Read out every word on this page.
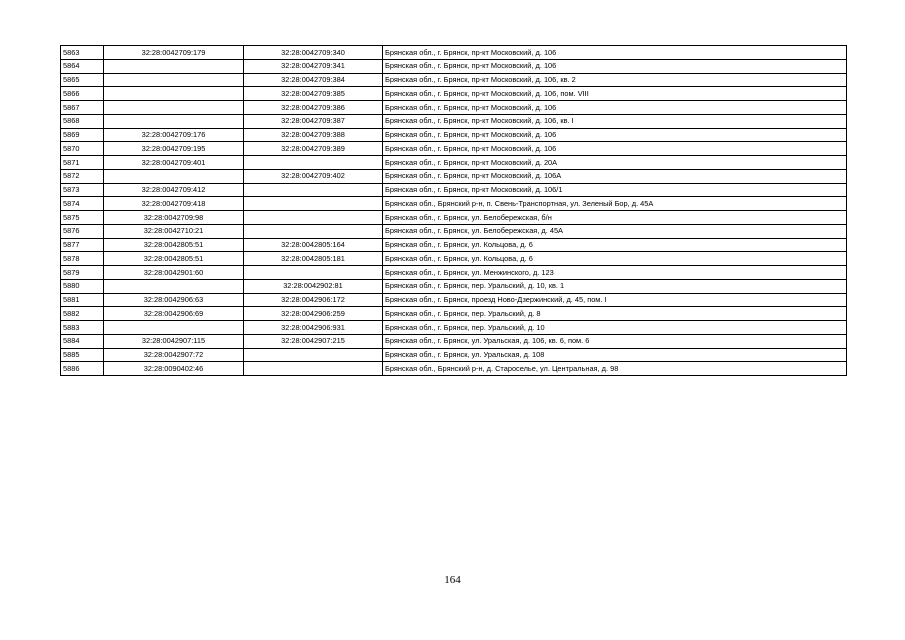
5863	32:28:0042709:179	32:28:0042709:340	Брянская обл., г. Брянск, пр-кт Московский, д. 106
5864		32:28:0042709:341	Брянская обл., г. Брянск, пр-кт Московский, д. 106
5865		32:28:0042709:384	Брянская обл., г. Брянск, пр-кт Московский, д. 106, кв. 2
5866		32:28:0042709:385	Брянская обл., г. Брянск, пр-кт Московский, д. 106, пом. VIII
5867		32:28:0042709:386	Брянская обл., г. Брянск, пр-кт Московский, д. 106
5868		32:28:0042709:387	Брянская обл., г. Брянск, пр-кт Московский, д. 106, кв. I
5869	32:28:0042709:176	32:28:0042709:388	Брянская обл., г. Брянск, пр-кт Московский, д. 106
5870	32:28:0042709:195	32:28:0042709:389	Брянская обл., г. Брянск, пр-кт Московский, д. 106
5871	32:28:0042709:401		Брянская обл., г. Брянск, пр-кт Московский, д. 20А
5872		32:28:0042709:402	Брянская обл., г. Брянск, пр-кт Московский, д. 106А
5873	32:28:0042709:412		Брянская обл., г. Брянск, пр-кт Московский, д. 106/1
5874	32:28:0042709:418		Брянская обл., Брянский р-н, п. Свень-Транспортная, ул. Зеленый Бор, д. 45А
5875	32:28:0042709:98		Брянская обл., г. Брянск, ул. Белобережская, б/н
5876	32:28:0042710:21		Брянская обл., г. Брянск, ул. Белобережская, д. 45А
5877	32:28:0042805:51	32:28:0042805:164	Брянская обл., г. Брянск, ул. Кольцова, д. 6
5878	32:28:0042805:51	32:28:0042805:181	Брянская обл., г. Брянск, ул. Кольцова, д. 6
5879	32:28:0042901:60		Брянская обл., г. Брянск, ул. Менжинского, д. 123
5880		32:28:0042902:81	Брянская обл., г. Брянск, пер. Уральский, д. 10, кв. 1
5881	32:28:0042906:63	32:28:0042906:172	Брянская обл., г. Брянск, проезд Ново-Дзержинский, д. 45, пом. I
5882	32:28:0042906:69	32:28:0042906:259	Брянская обл., г. Брянск, пер. Уральский, д. 8
5883		32:28:0042906:931	Брянская обл., г. Брянск, пер. Уральский, д. 10
5884	32:28:0042907:115	32:28:0042907:215	Брянская обл., г. Брянск, ул. Уральская, д. 106, кв. 6, пом. 6
5885	32:28:0042907:72		Брянская обл., г. Брянск, ул. Уральская, д. 108
5886	32:28:0090402:46		Брянская обл., Брянский р-н, д. Староселье, ул. Центральная, д. 98
164
